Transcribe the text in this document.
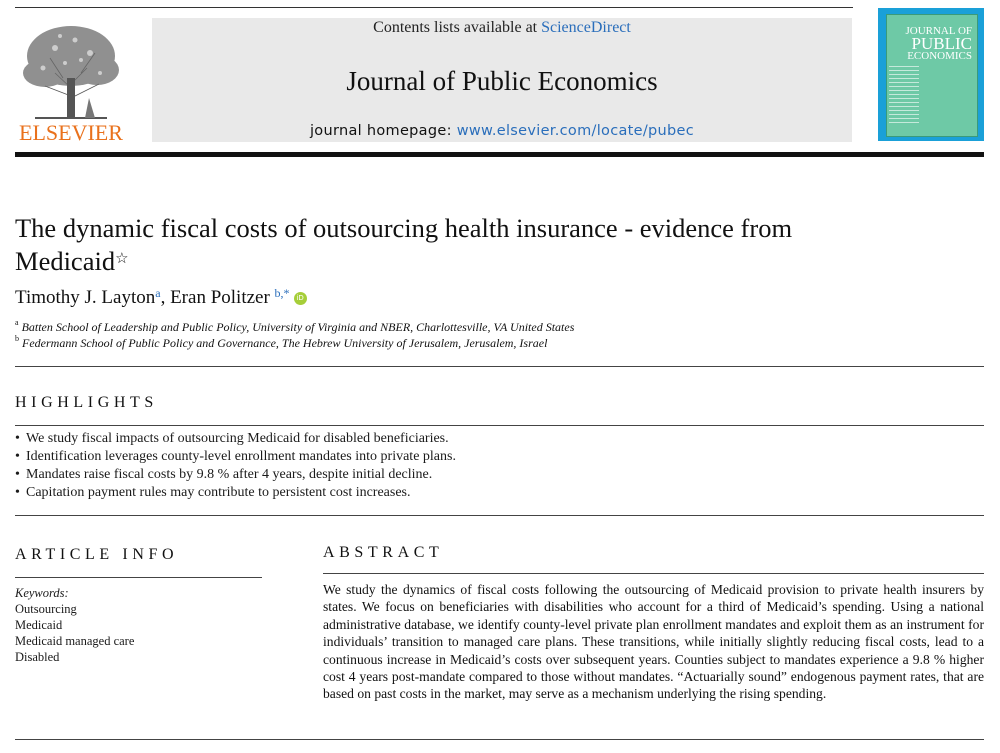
ELSEVIER
Contents lists available at ScienceDirect
Journal of Public Economics
journal homepage: www.elsevier.com/locate/pubec
JOURNAL OF
PUBLIC
ECONOMICS
The dynamic fiscal costs of outsourcing health insurance - evidence from
Medicaid☆
Timothy J. Layton$^a$, Eran Politzer $^{b,*}$ iD
$^a$ Batten School of Leadership and Public Policy, University of Virginia and NBER, Charlottesville, VA United States
$^b$ Federmann School of Public Policy and Governance, The Hebrew University of Jerusalem, Jerusalem, Israel
HIGHLIGHTS
• We study fiscal impacts of outsourcing Medicaid for disabled beneficiaries.
• Identification leverages county-level enrollment mandates into private plans.
• Mandates raise fiscal costs by 9.8 % after 4 years, despite initial decline.
• Capitation payment rules may contribute to persistent cost increases.
ARTICLE INFO
Keywords:
Outsourcing
Medicaid
Medicaid managed care
Disabled
ABSTRACT

We study the dynamics of fiscal costs following the outsourcing of Medicaid provision to private health insurers by states. We focus on beneficiaries with disabilities who account for a third of Medicaid’s spending. Using a national administrative database, we identify county-level private plan enrollment mandates and exploit them as an instrument for individuals’ transition to managed care plans. These transitions, while initially slightly reducing fiscal costs, lead to a continuous increase in Medicaid’s costs over subsequent years. Counties subject to mandates experience a 9.8 % higher cost 4 years post-mandate compared to those without mandates. “Actuarially sound” endogenous payment rates, that are based on past costs in the market, may serve as a mechanism underlying the rising spending.
